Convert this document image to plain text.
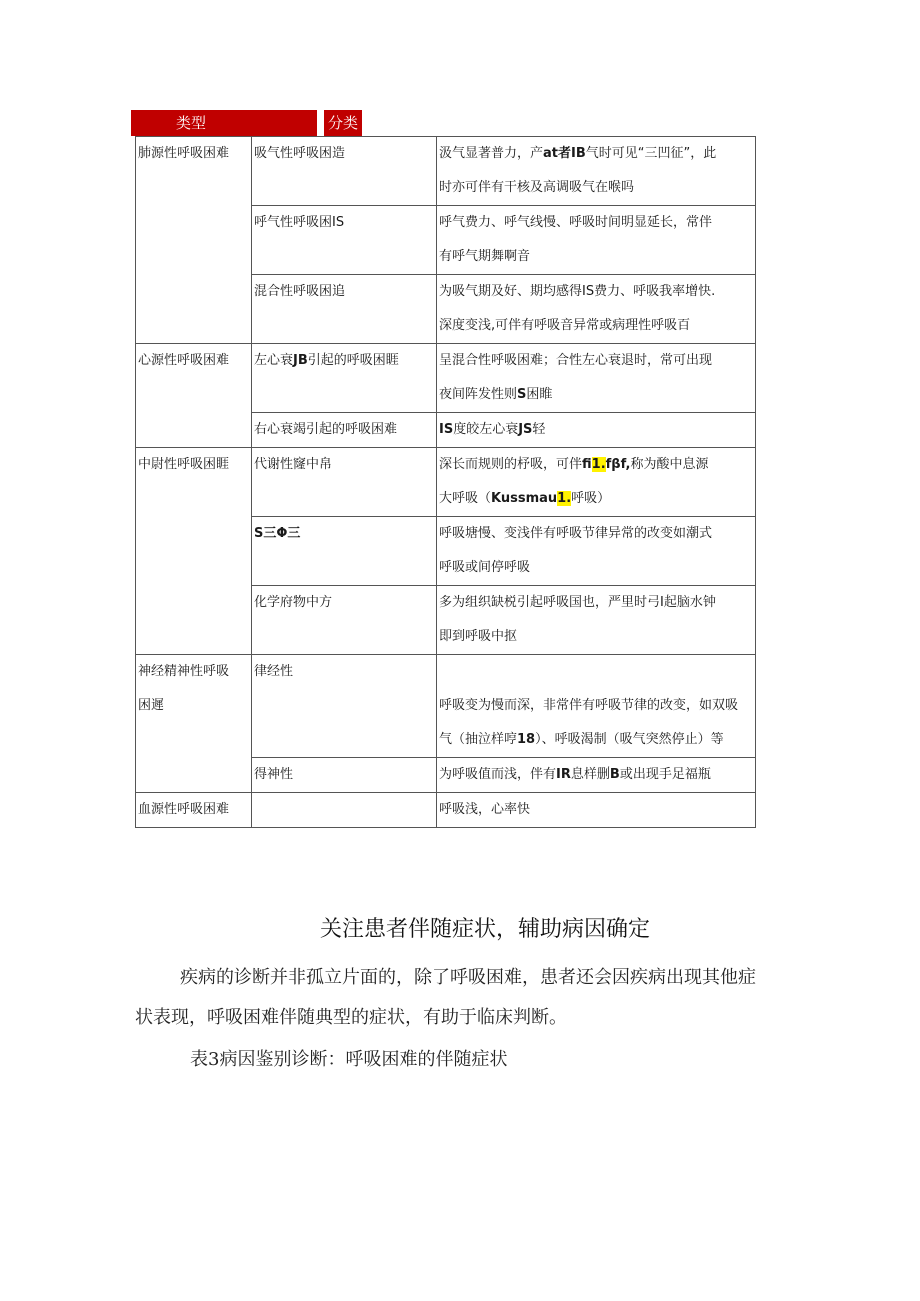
类型	分类
肺源性呼吸困难	吸气性呼吸困造	汲气显著普力，产at者IB气时可见“三凹征”，此
时亦可伴有干核及高调吸气在喉吗
	呼气性呼吸困IS	呼气费力、呼气线慢、呼吸时间明显延长，常伴
有呼气期舞啊音
	混合性呼吸困追	为吸气期及好、期均感得IS费力、呼吸我率增快.
深度变浅,可伴有呼吸音异常或病理性呼吸百
心源性呼吸困难	左心衰JB引起的呼吸困睚	呈混合性呼吸困难；合性左心衰退时，常可出现
夜间阵发性则S困睢
	右心衰竭引起的呼吸困难	IS度皎左心衰JS轻
中尉性呼吸困睚	代谢性窿中帛	深长而规则的杼吸，可伴fi1.fβf,称为酸中息源
大呼吸（Kussmau1.呼吸）
	S三Φ三	呼吸塘慢、变浅伴有呼吸节律异常的改变如潮式
呼吸或间停呼吸
	化学府物中方	多为组织缺棁引起呼吸国也，严里时弓I起脑水钟
即到呼吸中抠
神经精神性呼吸
困遲	律经性	呼吸变为慢而深，非常伴有呼吸节律的改变，如双吸
气（抽泣样哼18）、呼吸渴制（吸气突然停止）等
	得神性	为呼吸值而浅，伴有IR息样删B或出现手足福瓶
血源性呼吸困难		呼吸浅，心率快
关注患者伴随症状，辅助病因确定
疾病的诊断并非孤立片面的，除了呼吸困难，患者还会因疾病出现其他症
状表现，呼吸困难伴随典型的症状，有助于临床判断。
表3病因鉴别诊断：呼吸困难的伴随症状
